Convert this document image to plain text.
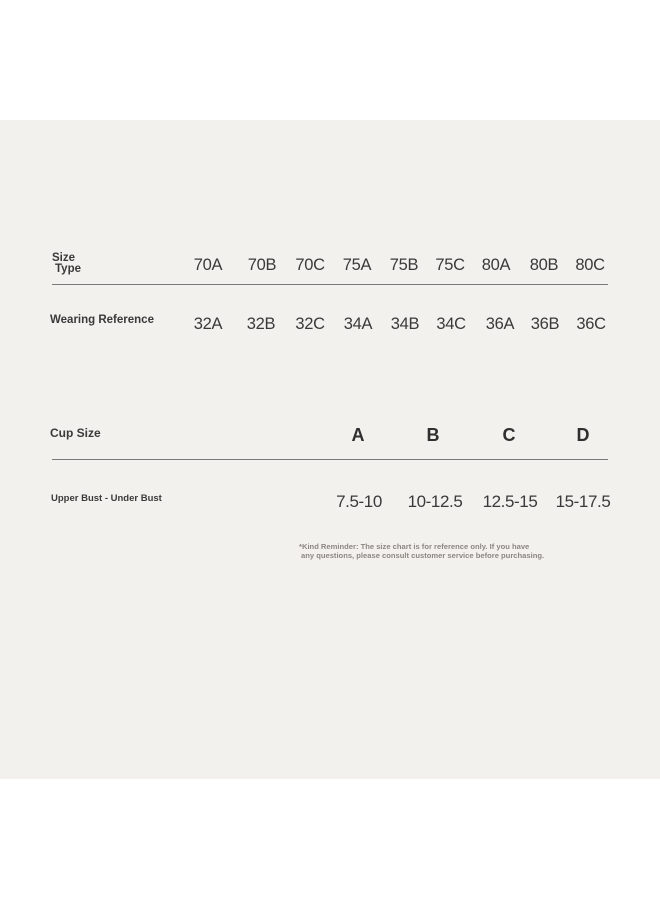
Size
Type	70A	70B	70C	75A	75B	75C	80A	80B	80C
Wearing Reference	32A	32B	32C	34A	34B	34C	36A	36B	36C
Cup Size	A	B	C	D
Upper Bust - Under Bust	7.5-10	10-12.5	12.5-15	15-17.5
*Kind Reminder: The size chart is for reference only. If you have
any questions, please consult customer service before purchasing.
